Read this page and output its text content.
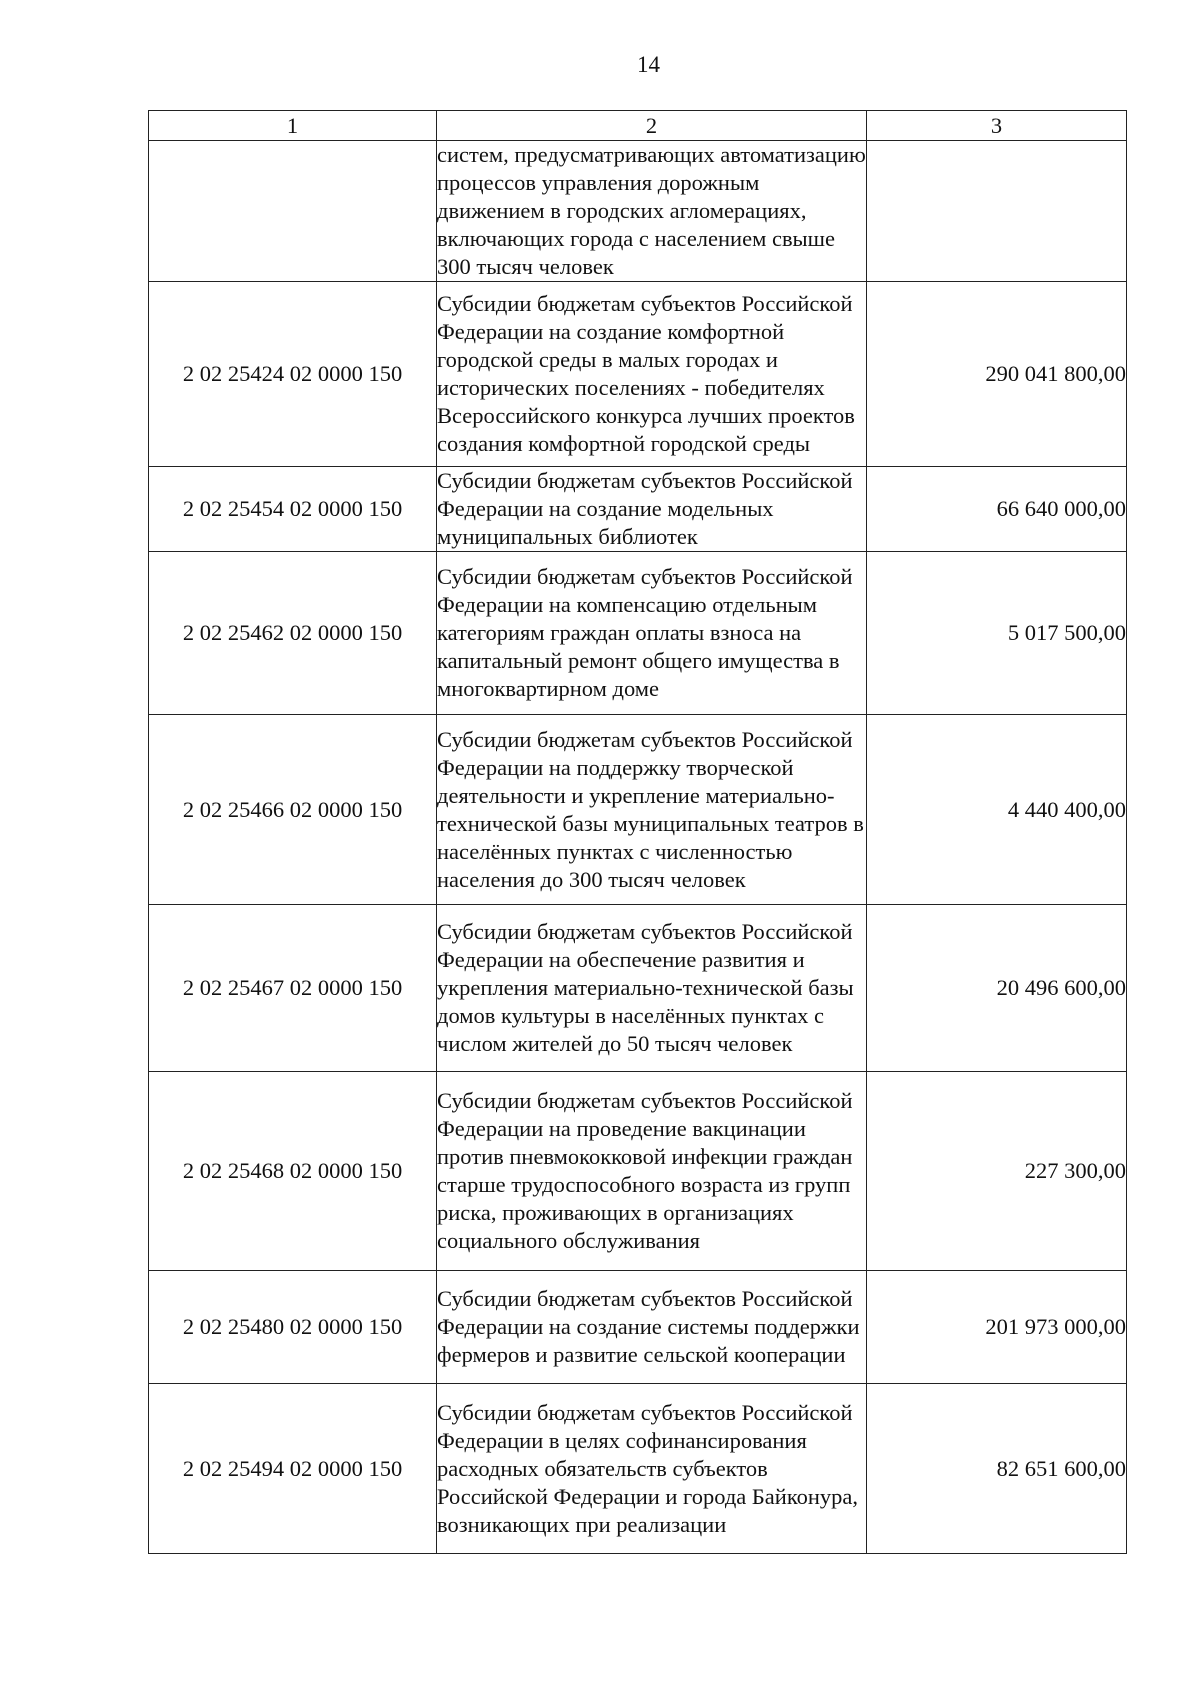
14
1	2	3

	систем, предусматривающих автоматизацию процессов управления дорожным движением в городских агломерациях, включающих города с населением свыше 300 тысяч человек	

2 02 25424 02 0000 150	Субсидии бюджетам субъектов Российской Федерации на создание комфортной городской среды в малых городах и исторических поселениях - победителях Всероссийского конкурса лучших проектов создания комфортной городской среды	290 041 800,00
2 02 25454 02 0000 150	Субсидии бюджетам субъектов Российской Федерации на создание модельных муниципальных библиотек	66 640 000,00
2 02 25462 02 0000 150	Субсидии бюджетам субъектов Российской Федерации на компенсацию отдельным категориям граждан оплаты взноса на капитальный ремонт общего имущества в многоквартирном доме	5 017 500,00
2 02 25466 02 0000 150	Субсидии бюджетам субъектов Российской Федерации на поддержку творческой деятельности и укрепление материально-технической базы муниципальных театров в населённых пунктах с численностью населения до 300 тысяч человек	4 440 400,00
2 02 25467 02 0000 150	Субсидии бюджетам субъектов Российской Федерации на обеспечение развития и укрепления материально-технической базы домов культуры в населённых пунктах с числом жителей до 50 тысяч человек	20 496 600,00
2 02 25468 02 0000 150	Субсидии бюджетам субъектов Российской Федерации на проведение вакцинации против пневмококковой инфекции граждан старше трудоспособного возраста из групп риска, проживающих в организациях социального обслуживания	227 300,00
2 02 25480 02 0000 150	Субсидии бюджетам субъектов Российской Федерации на создание системы поддержки фермеров и развитие сельской кооперации	201 973 000,00
2 02 25494 02 0000 150	Субсидии бюджетам субъектов Российской Федерации в целях софинансирования расходных обязательств субъектов Российской Федерации и города Байконура, возникающих при реализации	82 651 600,00
